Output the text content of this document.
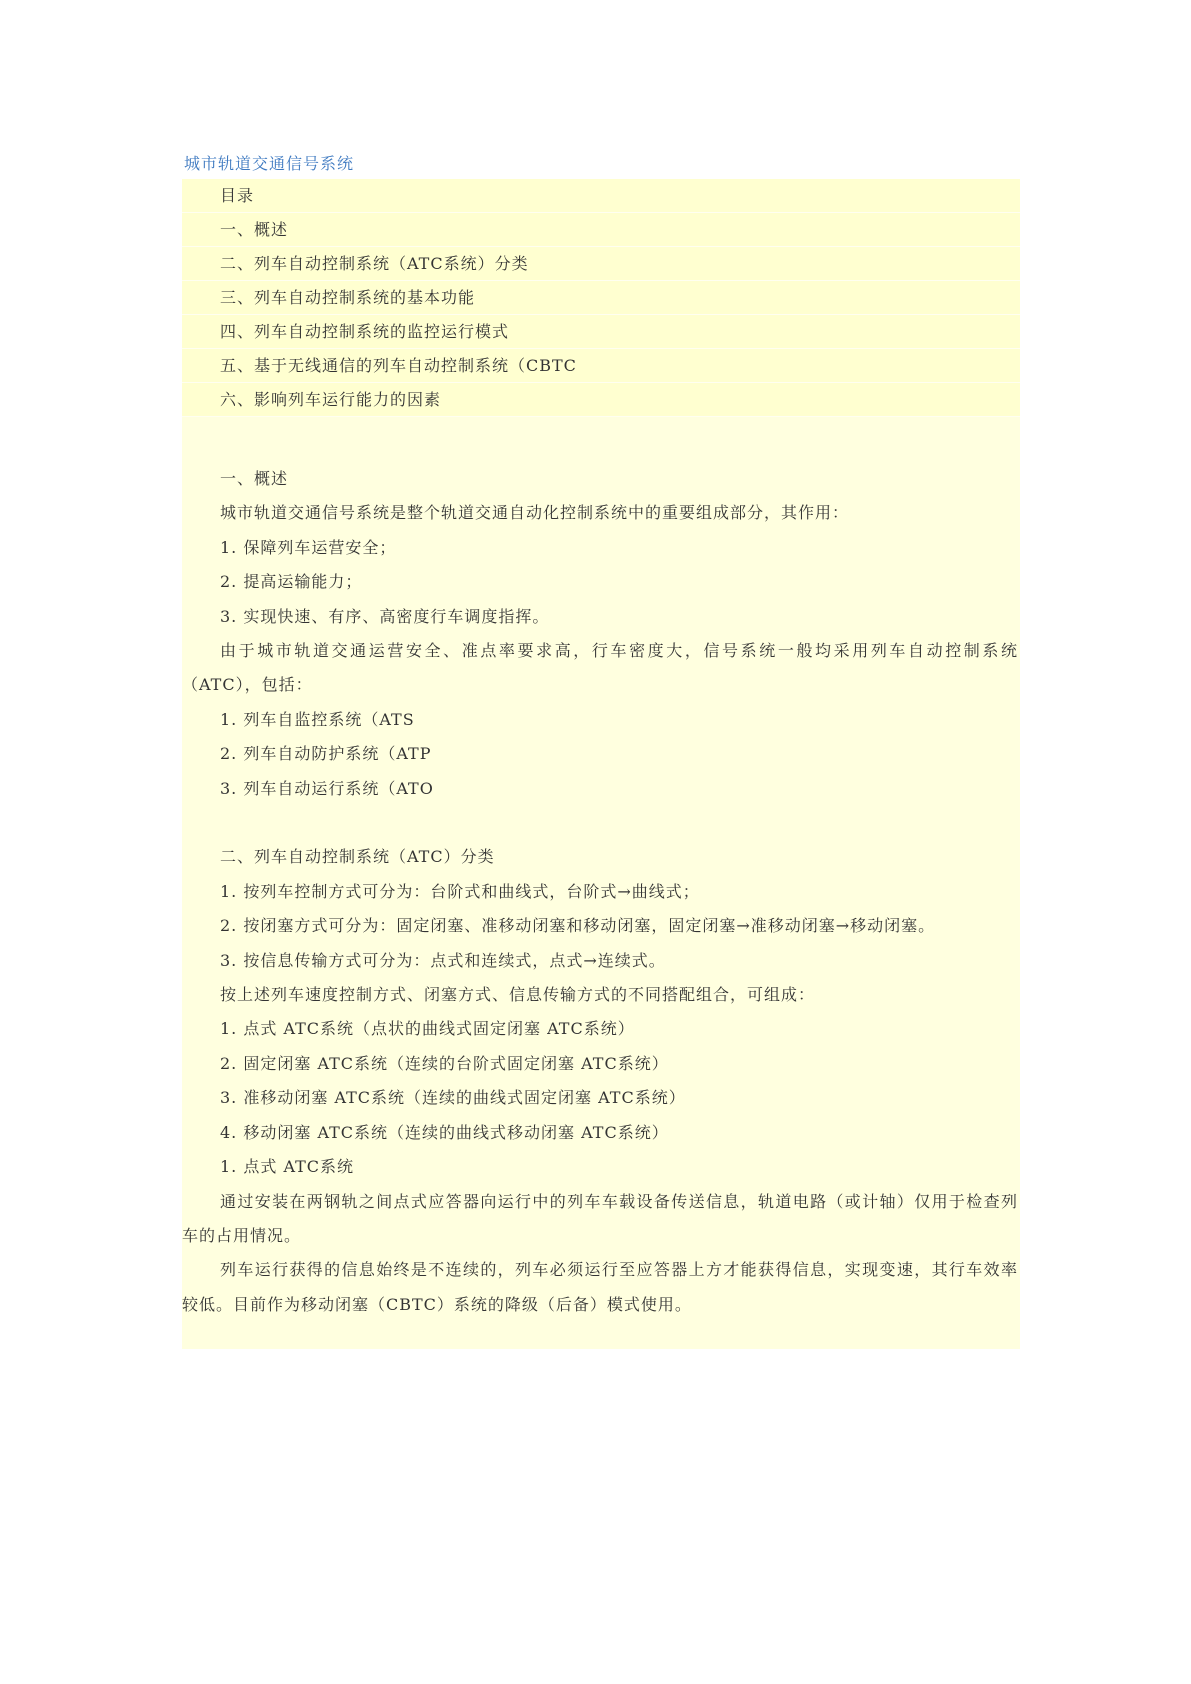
城市轨道交通信号系统
目录
一、概述
二、列车自动控制系统（ATC系统）分类
三、列车自动控制系统的基本功能
四、列车自动控制系统的监控运行模式
五、基于无线通信的列车自动控制系统（CBTC
六、影响列车运行能力的因素
一、概述
城市轨道交通信号系统是整个轨道交通自动化控制系统中的重要组成部分，其作用：
1. 保障列车运营安全；
2. 提高运输能力；
3. 实现快速、有序、高密度行车调度指挥。
由于城市轨道交通运营安全、准点率要求高，行车密度大，信号系统一般均采用列车自动控制系统（ATC），包括：
1. 列车自监控系统（ATS
2. 列车自动防护系统（ATP
3. 列车自动运行系统（ATO
二、列车自动控制系统（ATC）分类
1. 按列车控制方式可分为：台阶式和曲线式，台阶式→曲线式；
2. 按闭塞方式可分为：固定闭塞、准移动闭塞和移动闭塞，固定闭塞→准移动闭塞→移动闭塞。
3. 按信息传输方式可分为：点式和连续式，点式→连续式。
按上述列车速度控制方式、闭塞方式、信息传输方式的不同搭配组合，可组成：
1. 点式 ATC系统（点状的曲线式固定闭塞 ATC系统）
2. 固定闭塞 ATC系统（连续的台阶式固定闭塞 ATC系统）
3. 准移动闭塞 ATC系统（连续的曲线式固定闭塞 ATC系统）
4. 移动闭塞 ATC系统（连续的曲线式移动闭塞 ATC系统）
1. 点式 ATC系统
通过安装在两钢轨之间点式应答器向运行中的列车车载设备传送信息，轨道电路（或计轴）仅用于检查列车的占用情况。
列车运行获得的信息始终是不连续的，列车必须运行至应答器上方才能获得信息，实现变速，其行车效率较低。目前作为移动闭塞（CBTC）系统的降级（后备）模式使用。
